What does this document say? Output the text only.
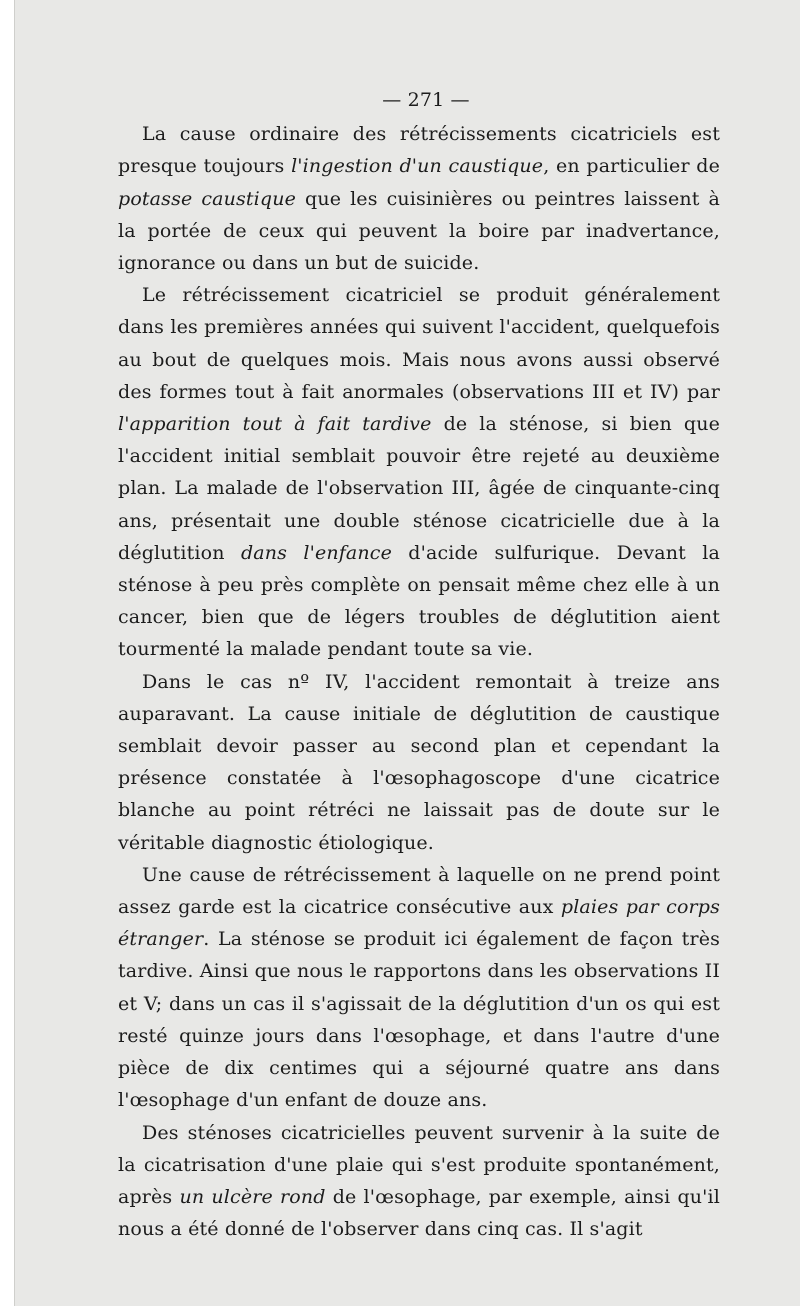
— 271 —

La cause ordinaire des rétrécissements cicatriciels est presque toujours l'ingestion d'un caustique, en particulier de potasse caustique que les cuisinières ou peintres laissent à la portée de ceux qui peuvent la boire par inadvertance, ignorance ou dans un but de suicide.

Le rétrécissement cicatriciel se produit généralement dans les premières années qui suivent l'accident, quelquefois au bout de quelques mois. Mais nous avons aussi observé des formes tout à fait anormales (observations III et IV) par l'apparition tout à fait tardive de la sténose, si bien que l'accident initial semblait pouvoir être rejeté au deuxième plan. La malade de l'observation III, âgée de cinquante-cinq ans, présentait une double sténose cicatricielle due à la déglutition dans l'enfance d'acide sulfurique. Devant la sténose à peu près complète on pensait même chez elle à un cancer, bien que de légers troubles de déglutition aient tourmenté la malade pendant toute sa vie.

Dans le cas nº IV, l'accident remontait à treize ans auparavant. La cause initiale de déglutition de caustique semblait devoir passer au second plan et cependant la présence constatée à l'œsophagoscope d'une cicatrice blanche au point rétréci ne laissait pas de doute sur le véritable diagnostic étiologique.

Une cause de rétrécissement à laquelle on ne prend point assez garde est la cicatrice consécutive aux plaies par corps étranger. La sténose se produit ici également de façon très tardive. Ainsi que nous le rapportons dans les observations II et V; dans un cas il s'agissait de la déglutition d'un os qui est resté quinze jours dans l'œsophage, et dans l'autre d'une pièce de dix centimes qui a séjourné quatre ans dans l'œsophage d'un enfant de douze ans.

Des sténoses cicatricielles peuvent survenir à la suite de la cicatrisation d'une plaie qui s'est produite spontanément, après un ulcère rond de l'œsophage, par exemple, ainsi qu'il nous a été donné de l'observer dans cinq cas. Il s'agit
